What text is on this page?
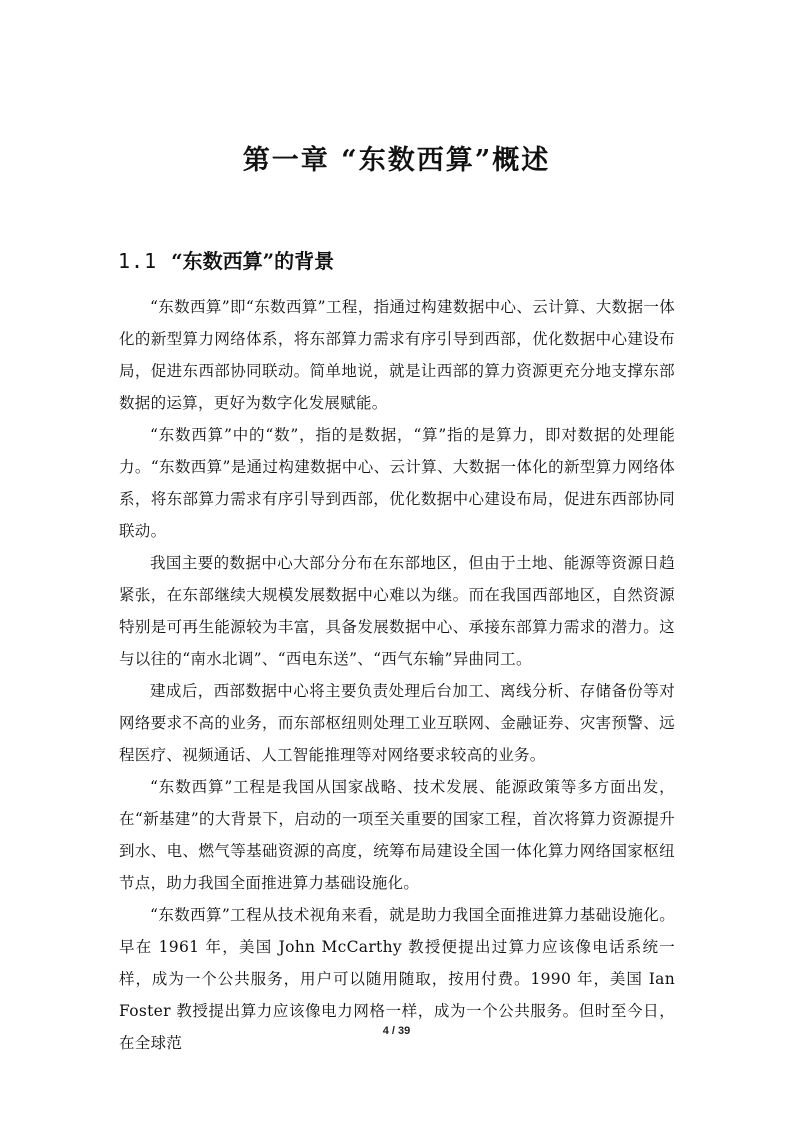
第一章 “东数西算”概述
1.1 “东数西算”的背景

“东数西算”即“东数西算”工程，指通过构建数据中心、云计算、大数据一体化的新型算力网络体系，将东部算力需求有序引导到西部，优化数据中心建设布局，促进东西部协同联动。简单地说，就是让西部的算力资源更充分地支撑东部数据的运算，更好为数字化发展赋能。

“东数西算”中的“数”，指的是数据，“算”指的是算力，即对数据的处理能力。“东数西算”是通过构建数据中心、云计算、大数据一体化的新型算力网络体系，将东部算力需求有序引导到西部，优化数据中心建设布局，促进东西部协同联动。

我国主要的数据中心大部分分布在东部地区，但由于土地、能源等资源日趋紧张，在东部继续大规模发展数据中心难以为继。而在我国西部地区，自然资源特别是可再生能源较为丰富，具备发展数据中心、承接东部算力需求的潜力。这与以往的“南水北调”、“西电东送”、“西气东输”异曲同工。

建成后，西部数据中心将主要负责处理后台加工、离线分析、存储备份等对网络要求不高的业务，而东部枢纽则处理工业互联网、金融证券、灾害预警、远程医疗、视频通话、人工智能推理等对网络要求较高的业务。

“东数西算”工程是我国从国家战略、技术发展、能源政策等多方面出发，在“新基建”的大背景下，启动的一项至关重要的国家工程，首次将算力资源提升到水、电、燃气等基础资源的高度，统筹布局建设全国一体化算力网络国家枢纽节点，助力我国全面推进算力基础设施化。

“东数西算”工程从技术视角来看，就是助力我国全面推进算力基础设施化。早在 1961 年，美国 John McCarthy 教授便提出过算力应该像电话系统一样，成为一个公共服务，用户可以随用随取，按用付费。1990 年，美国 Ian Foster 教授提出算力应该像电力网格一样，成为一个公共服务。但时至今日，在全球范

4 / 39
